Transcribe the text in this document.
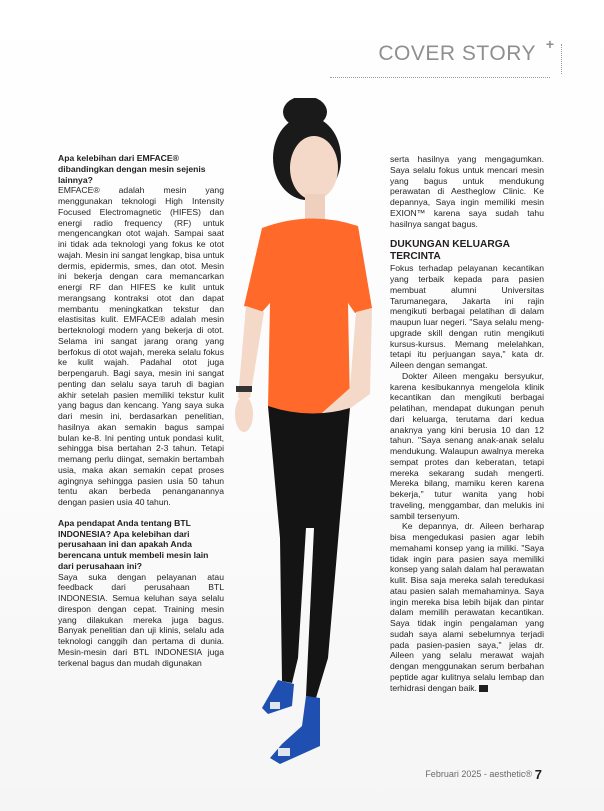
COVER STORY +

Apa kelebihan dari EMFACE® dibandingkan dengan mesin sejenis lainnya?

EMFACE® adalah mesin yang menggunakan teknologi High Intensity Focused Electromagnetic (HIFES) dan energi radio frequency (RF) untuk mengencangkan otot wajah. Sampai saat ini tidak ada teknologi yang fokus ke otot wajah. Mesin ini sangat lengkap, bisa untuk dermis, epidermis, smes, dan otot. Mesin ini bekerja dengan cara memancarkan energi RF dan HIFES ke kulit untuk merangsang kontraksi otot dan dapat membantu meningkatkan tekstur dan elastisitas kulit. EMFACE® adalah mesin berteknologi modern yang bekerja di otot. Selama ini sangat jarang orang yang berfokus di otot wajah, mereka selalu fokus ke kulit wajah. Padahal otot juga berpengaruh. Bagi saya, mesin ini sangat penting dan selalu saya taruh di bagian akhir setelah pasien memiliki tekstur kulit yang bagus dan kencang. Yang saya suka dari mesin ini, berdasarkan penelitian, hasilnya akan semakin bagus sampai bulan ke-8. Ini penting untuk pondasi kulit, sehingga bisa bertahan 2-3 tahun. Tetapi memang perlu diingat, semakin bertambah usia, maka akan semakin cepat proses agingnya sehingga pasien usia 50 tahun tentu akan berbeda penanganannya dengan pasien usia 40 tahun.

Apa pendapat Anda tentang BTL INDONESIA? Apa kelebihan dari perusahaan ini dan apakah Anda berencana untuk membeli mesin lain dari perusahaan ini?

Saya suka dengan pelayanan atau feedback dari perusahaan BTL INDONESIA. Semua keluhan saya selalu direspon dengan cepat. Training mesin yang dilakukan mereka juga bagus. Banyak penelitian dan uji klinis, selalu ada teknologi canggih dan pertama di dunia. Mesin-mesin dari BTL INDONESIA juga terkenal bagus dan mudah digunakan

serta hasilnya yang mengagumkan. Saya selalu fokus untuk mencari mesin yang bagus untuk mendukung perawatan di Aestheglow Clinic. Ke depannya, Saya ingin memiliki mesin EXION™ karena saya sudah tahu hasilnya sangat bagus.

DUKUNGAN KELUARGA TERCINTA

Fokus terhadap pelayanan kecantikan yang terbaik kepada para pasien membuat alumni Universitas Tarumanegara, Jakarta ini rajin mengikuti berbagai pelatihan di dalam maupun luar negeri. "Saya selalu meng-upgrade skill dengan rutin mengikuti kursus-kursus. Memang melelahkan, tetapi itu perjuangan saya," kata dr. Aileen dengan semangat.

Dokter Aileen mengaku bersyukur, karena kesibukannya mengelola klinik kecantikan dan mengikuti berbagai pelatihan, mendapat dukungan penuh dari keluarga, terutama dari kedua anaknya yang kini berusia 10 dan 12 tahun. "Saya senang anak-anak selalu mendukung. Walaupun awalnya mereka sempat protes dan keberatan, tetapi mereka sekarang sudah mengerti. Mereka bilang, mamiku keren karena bekerja," tutur wanita yang hobi traveling, menggambar, dan melukis ini sambil tersenyum.

Ke depannya, dr. Aileen berharap bisa mengedukasi pasien agar lebih memahami konsep yang ia miliki. "Saya tidak ingin para pasien saya memiliki konsep yang salah dalam hal perawatan kulit. Bisa saja mereka salah teredukasi atau pasien salah memahaminya. Saya ingin mereka bisa lebih bijak dan pintar dalam memilih perawatan kecantikan. Saya tidak ingin pengalaman yang sudah saya alami sebelumnya terjadi pada pasien-pasien saya," jelas dr. Aileen yang selalu merawat wajah dengan menggunakan serum berbahan peptide agar kulitnya selalu lembap dan terhidrasi dengan baik.

Februari 2025 - aesthetic® 7
